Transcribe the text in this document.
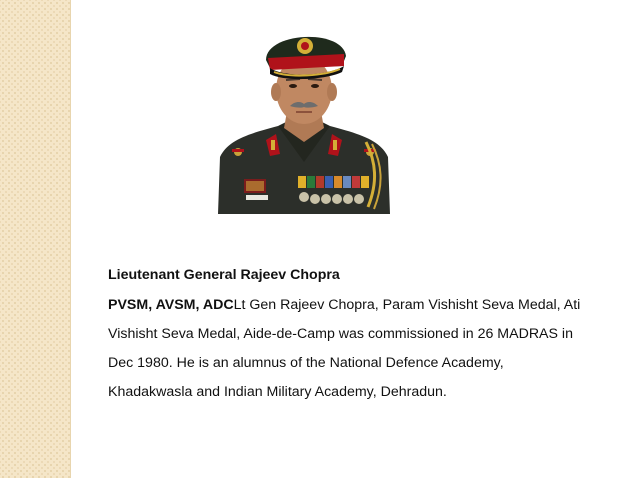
Lieutenant General Rajeev Chopra
PVSM, AVSM, ADCLt Gen Rajeev Chopra, Param Vishisht Seva Medal, Ati
Vishisht Seva Medal, Aide-de-Camp was commissioned in 26 MADRAS in
Dec 1980. He is an alumnus of the National Defence Academy,
Khadakwasla and Indian Military Academy, Dehradun.
